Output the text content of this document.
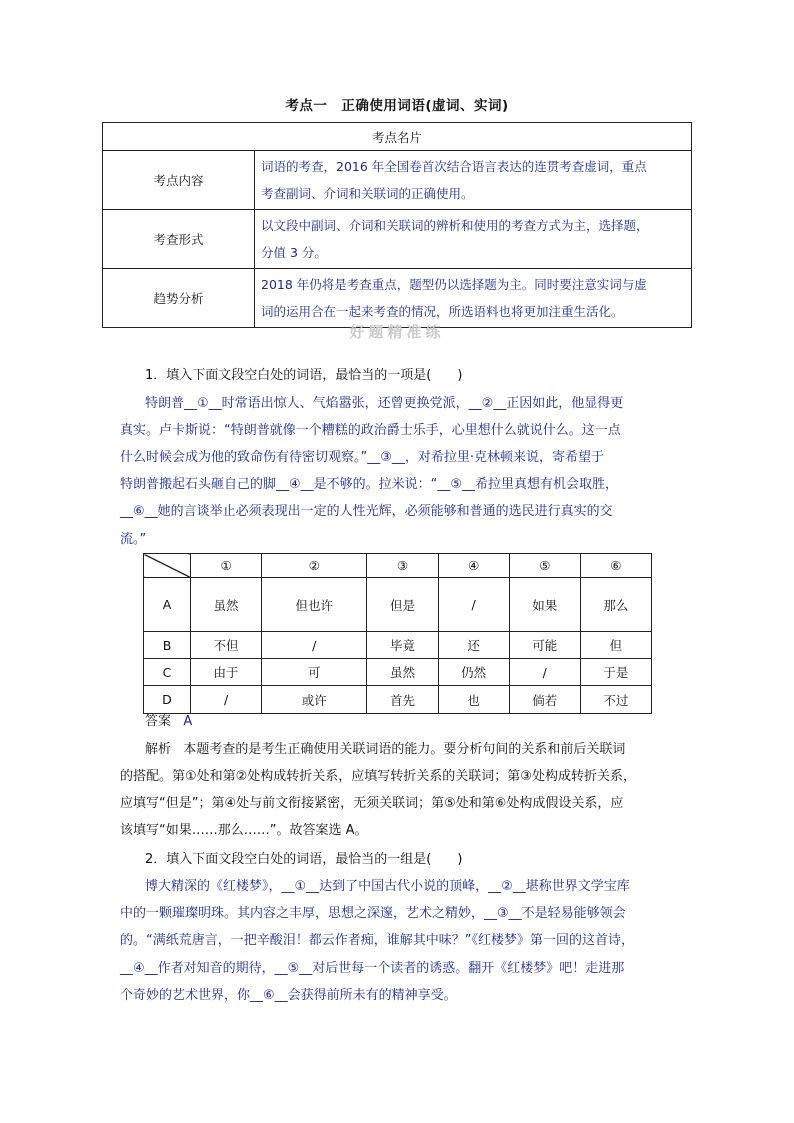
考点一　正确使用词语(虚词、实词)
考点名片	
考点内容	词语的考查，2016 年全国卷首次结合语言表达的连贯考查虚词，重点
考查副词、介词和关联词的正确使用。

考查形式	以文段中副词、介词和关联词的辨析和使用的考查方式为主，选择题，
分值 3 分。

趋势分析	2018 年仍将是考查重点，题型仍以选择题为主。同时要注意实词与虚
词的运用合在一起来考查的情况，所选语料也将更加注重生活化。
好题精准练
1．填入下面文段空白处的词语，最恰当的一项是(　　)
特朗普__①__时常语出惊人、气焰嚣张，还曾更换党派，__②__正因如此，他显得更
真实。卢卡斯说：“特朗普就像一个糟糕的政治爵士乐手，心里想什么就说什么。这一点
什么时候会成为他的致命伤有待密切观察。”__③__，对希拉里·克林顿来说，寄希望于
特朗普搬起石头砸自己的脚__④__是不够的。拉米说：“__⑤__希拉里真想有机会取胜，
__⑥__她的言谈举止必须表现出一定的人性光辉，必须能够和普通的选民进行真实的交
流。”
	①	②	③	④	⑤	⑥
A	虽然	但也许	但是	/	如果	那么
B	不但	/	毕竟	还	可能	但
C	由于	可	虽然	仍然	/	于是
D	/	或许	首先	也	倘若	不过
答案 A
解析 本题考查的是考生正确使用关联词语的能力。要分析句间的关系和前后关联词
的搭配。第①处和第②处构成转折关系，应填写转折关系的关联词；第③处构成转折关系，
应填写“但是”；第④处与前文衔接紧密，无须关联词；第⑤处和第⑥处构成假设关系，应
该填写“如果……那么……”。故答案选 A。
2．填入下面文段空白处的词语，最恰当的一组是(　　)
博大精深的《红楼梦》，__①__达到了中国古代小说的顶峰，__②__堪称世界文学宝库
中的一颗璀璨明珠。其内容之丰厚，思想之深邃，艺术之精妙，__③__不是轻易能够领会
的。“满纸荒唐言，一把辛酸泪！都云作者痴，谁解其中味？”《红楼梦》第一回的这首诗，
__④__作者对知音的期待，__⑤__对后世每一个读者的诱惑。翻开《红楼梦》吧！走进那
个奇妙的艺术世界，你__⑥__会获得前所未有的精神享受。
